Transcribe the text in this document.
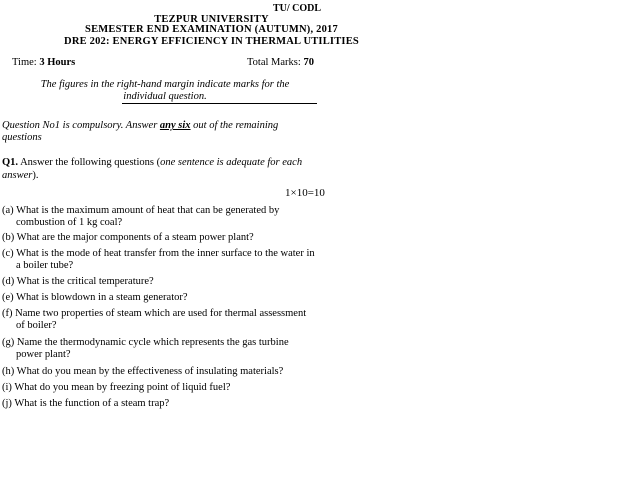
TU/ CODL
TEZPUR UNIVERSITY
SEMESTER END EXAMINATION (AUTUMN), 2017
DRE 202: ENERGY EFFICIENCY IN THERMAL UTILITIES
Time: 3 Hours	Total Marks: 70
The figures in the right-hand margin indicate marks for the
individual question.
Question No1 is compulsory. Answer any six out of the remaining
questions
Q1. Answer the following questions (one sentence is adequate for each
answer).
1×10=10
(a) What is the maximum amount of heat that can be generated by
combustion of 1 kg coal?
(b) What are the major components of a steam power plant?
(c) What is the mode of heat transfer from the inner surface to the water in
a boiler tube?
(d) What is the critical temperature?
(e) What is blowdown in a steam generator?
(f) Name two properties of steam which are used for thermal assessment
of boiler?
(g) Name the thermodynamic cycle which represents the gas turbine
power plant?
(h) What do you mean by the effectiveness of insulating materials?
(i) What do you mean by freezing point of liquid fuel?
(j) What is the function of a steam trap?
